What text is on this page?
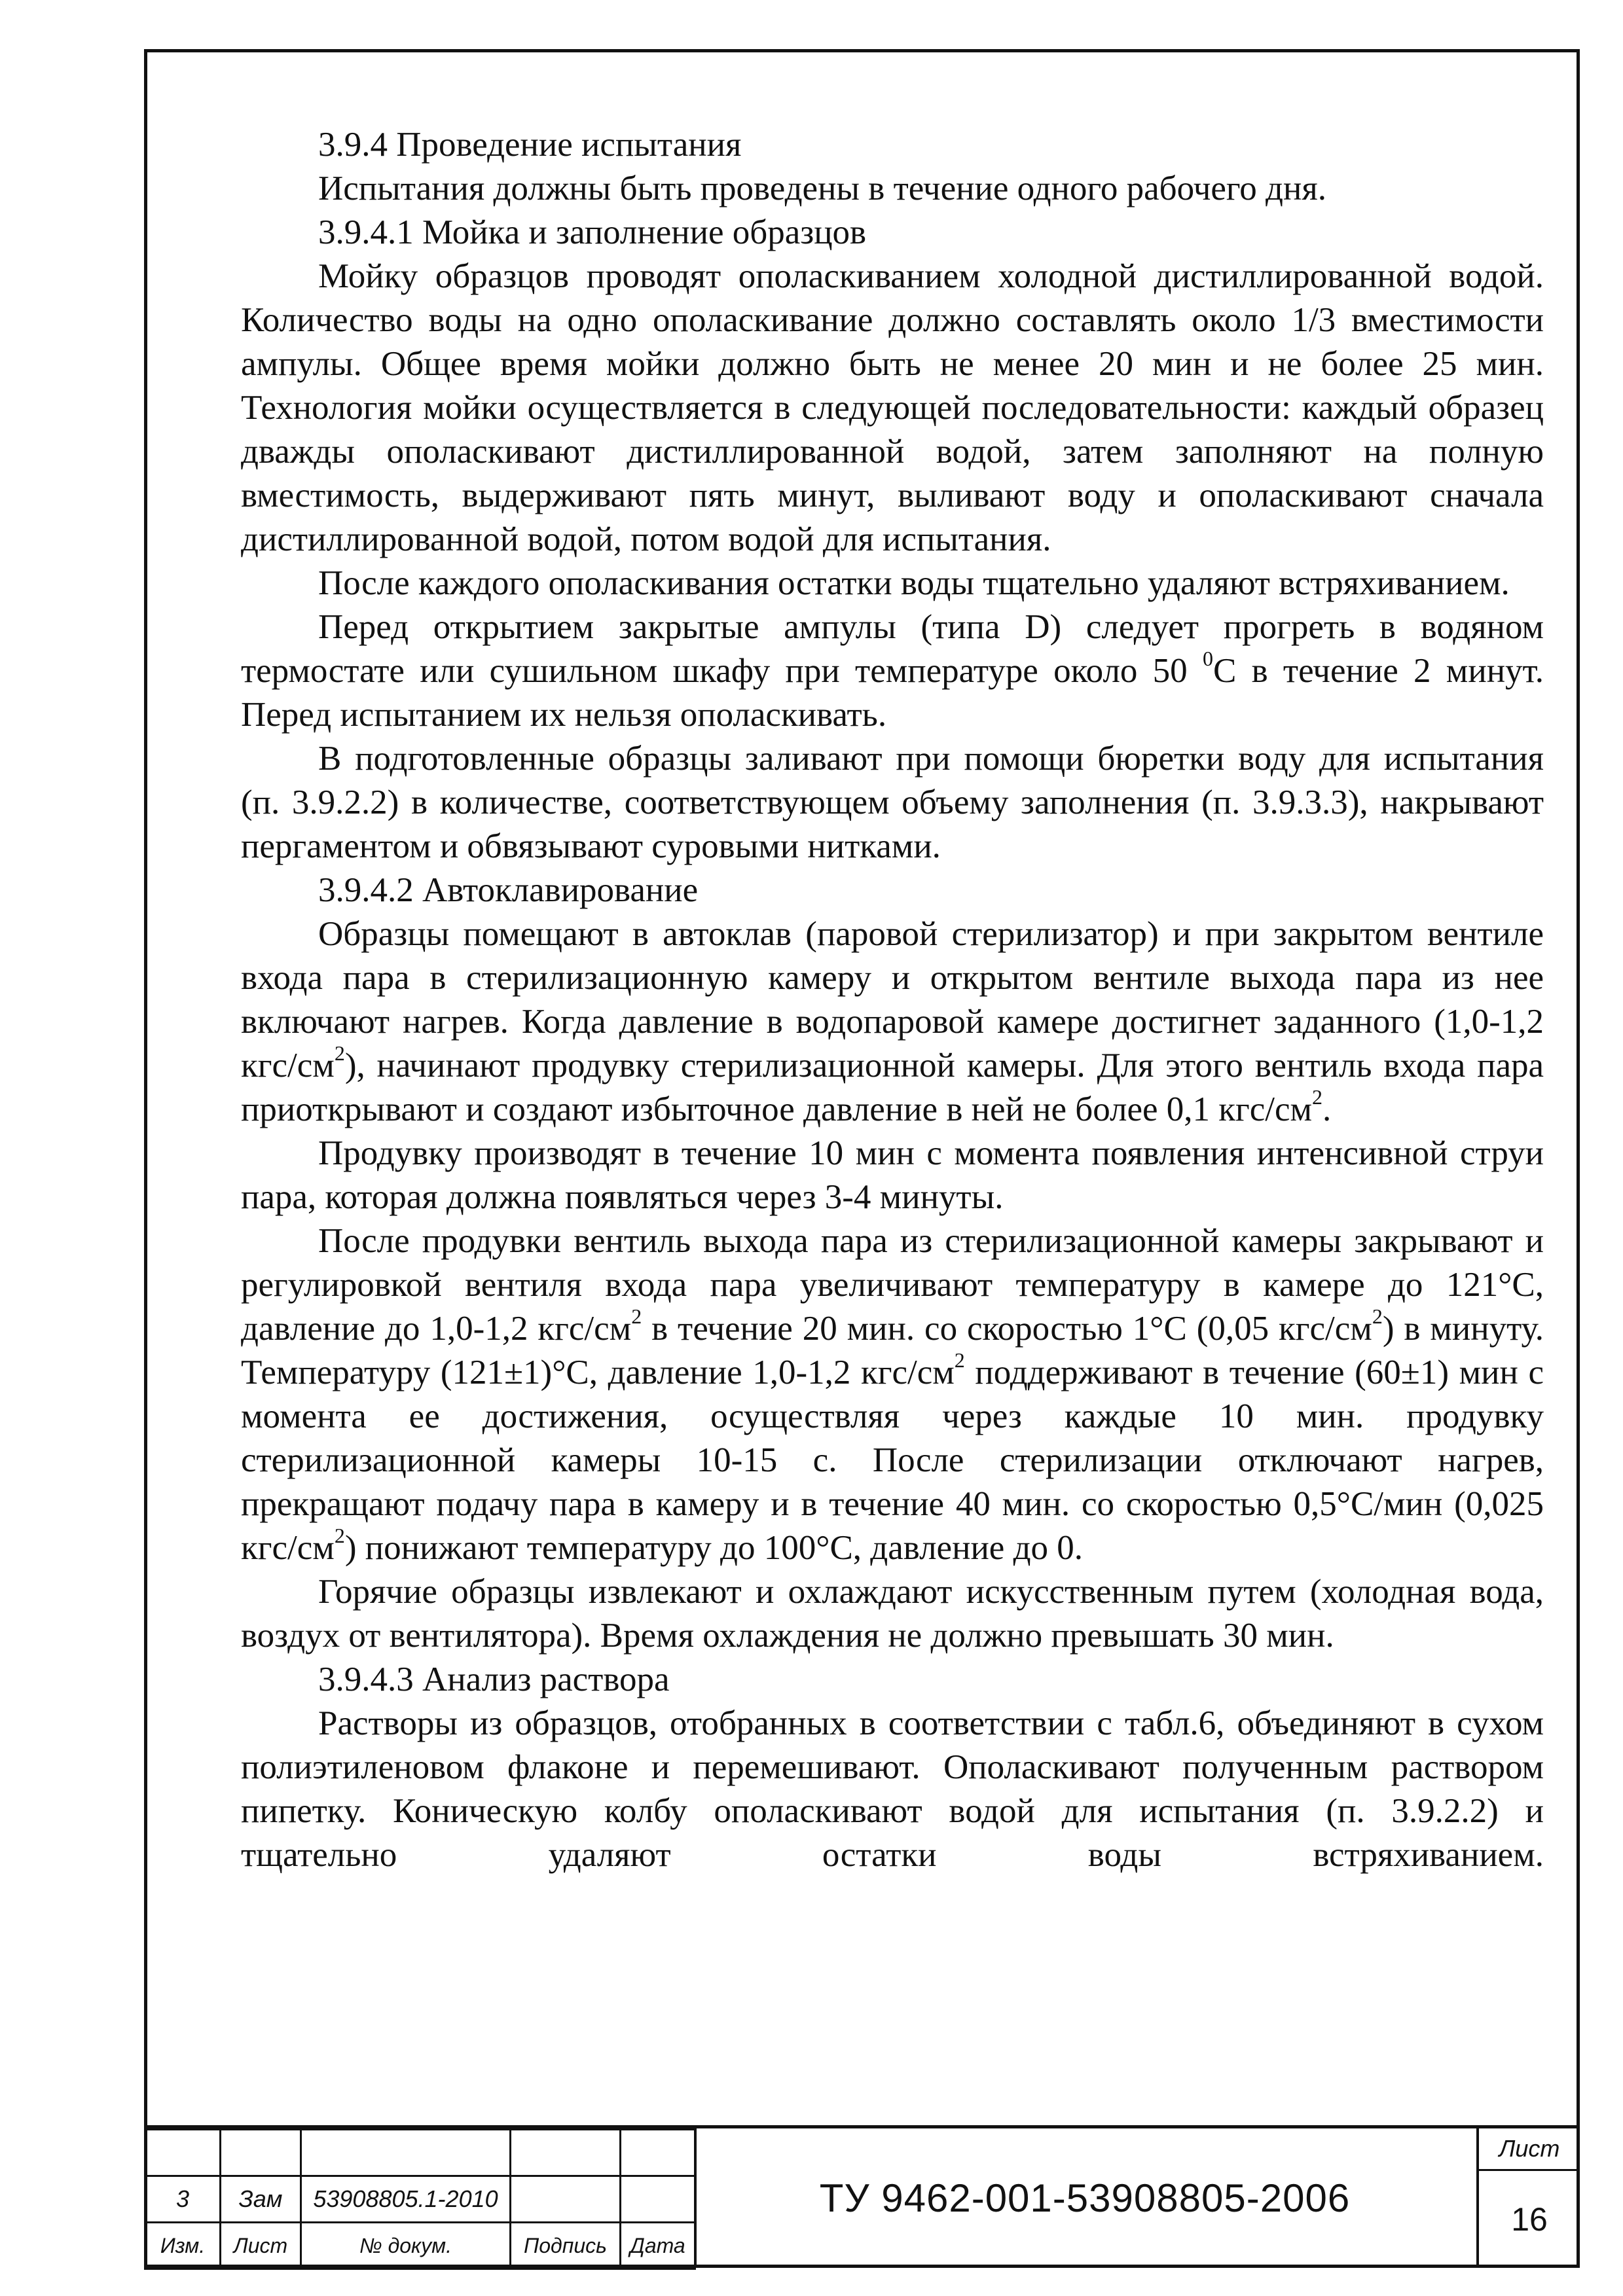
3.9.4 Проведение испытания

Испытания должны быть проведены в течение одного рабочего дня.

3.9.4.1 Мойка и заполнение образцов

Мойку образцов проводят ополаскиванием холодной дистиллированной водой. Количество воды на одно ополаскивание должно составлять около 1/3 вместимости ампулы. Общее время мойки должно быть не менее 20 мин и не более 25 мин. Технология мойки осуществляется в следующей последовательности: каждый образец дважды ополаскивают дистиллированной водой, затем заполняют на полную вместимость, выдерживают пять минут, выливают воду и ополаскивают сначала дистиллированной водой, потом водой для испытания.

После каждого ополаскивания остатки воды тщательно удаляют встряхиванием.

Перед открытием закрытые ампулы (типа D) следует прогреть в водяном термостате или сушильном шкафу при температуре около 50 $^0$С в течение 2 минут. Перед испытанием их нельзя ополаскивать.

В подготовленные образцы заливают при помощи бюретки воду для испытания (п. 3.9.2.2) в количестве, соответствующем объему заполнения (п. 3.9.3.3), накрывают пергаментом и обвязывают суровыми нитками.

3.9.4.2 Автоклавирование

Образцы помещают в автоклав (паровой стерилизатор) и при закрытом вентиле входа пара в стерилизационную камеру и открытом вентиле выхода пара из нее включают нагрев. Когда давление в водопаровой камере достигнет заданного (1,0-1,2 кгс/$см^2$), начинают продувку стерилизационной камеры. Для этого вентиль входа пара приоткрывают и создают избыточное давление в ней не более 0,1 кгс/$см^2$.

Продувку производят в течение 10 мин с момента появления интенсивной струи пара, которая должна появляться через 3-4 минуты.

После продувки вентиль выхода пара из стерилизационной камеры закрывают и регулировкой вентиля входа пара увеличивают температуру в камере до 121°С, давление до 1,0-1,2 кгс/$см^2$ в течение 20 мин. со скоростью 1°С (0,05 кгс/$см^2$) в минуту. Температуру (121±1)°С, давление 1,0-1,2 кгс/$см^2$ поддерживают в течение (60±1) мин с момента ее достижения, осуществляя через каждые 10 мин. продувку стерилизационной камеры 10-15 с. После стерилизации отключают нагрев, прекращают подачу пара в камеру и в течение 40 мин. со скоростью 0,5°С/мин (0,025 кгс/$см^2$) понижают температуру до 100°С, давление до 0.

Горячие образцы извлекают и охлаждают искусственным путем (холодная вода, воздух от вентилятора). Время охлаждения не должно превышать 30 мин.

3.9.4.3 Анализ раствора

Растворы из образцов, отобранных в соответствии с табл.6, объединяют в сухом полиэтиленовом флаконе и перемешивают. Ополаскивают полученным раствором пипетку. Коническую колбу ополаскивают водой для испытания (п. 3.9.2.2) и тщательно удаляют остатки воды встряхиванием.

3	Зам	53908805.1-2010		
Изм.	Лист	№ докум.	Подпись	Дата
ТУ 9462-001-53908805-2006
Лист
16
